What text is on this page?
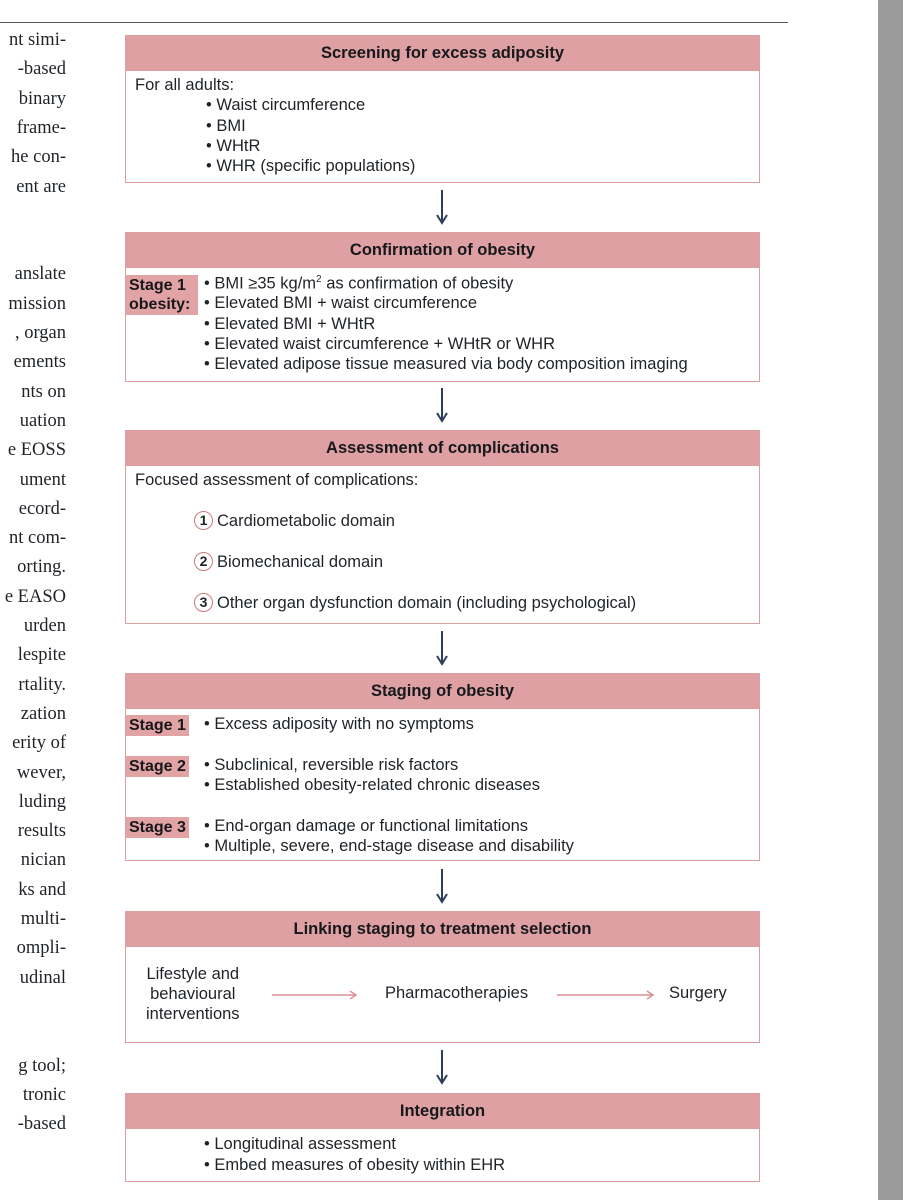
nt simi-
-based
binary
frame-
he con-
ent are
anslate
mission
, organ
ements
nts on
uation
e EOSS
ument
ecord-
nt com-
orting.
e EASO
urden
lespite
rtality.
zation
erity of
wever,
luding
results
nician
ks and
multi-
ompli-
udinal
g tool;
tronic
-based
Screening for excess adiposity
For all adults:
• Waist circumference
• BMI
• WHtR
• WHR (specific populations)
Confirmation of obesity
Stage 1
obesity:
• BMI ≥35 $kg/m^2$ as confirmation of obesity
• Elevated BMI + waist circumference
• Elevated BMI + WHtR
• Elevated waist circumference + WHtR or WHR
• Elevated adipose tissue measured via body composition imaging
Assessment of complications
Focused assessment of complications:
1 Cardiometabolic domain
2 Biomechanical domain
3 Other organ dysfunction domain (including psychological)
Staging of obesity
Stage 1 • Excess adiposity with no symptoms
Stage 2 • Subclinical, reversible risk factors
• Established obesity-related chronic diseases
Stage 3 • End-organ damage or functional limitations
• Multiple, severe, end-stage disease and disability
Linking staging to treatment selection
Lifestyle and
behavioural
interventions
Pharmacotherapies	Surgery
Integration
• Longitudinal assessment
• Embed measures of obesity within EHR
